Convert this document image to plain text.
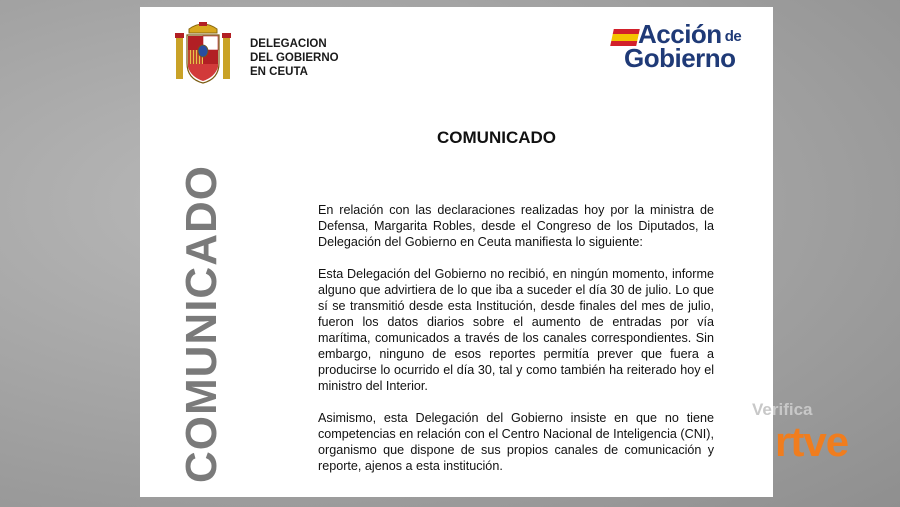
DELEGACION
DEL GOBIERNO
EN CEUTA
Acción de
Gobierno
COMUNICADO
COMUNICADO	En relación con las declaraciones realizadas hoy por la ministra de Defensa, Margarita Robles, desde el Congreso de los Diputados, la Delegación del Gobierno en Ceuta manifiesta lo siguiente:

Esta Delegación del Gobierno no recibió, en ningún momento, informe alguno que advirtiera de lo que iba a suceder el día 30 de julio. Lo que sí se transmitió desde esta Institución, desde finales del mes de julio, fueron los datos diarios sobre el aumento de entradas por vía marítima, comunicados a través de los canales correspondientes. Sin embargo, ninguno de esos reportes permitía prever que fuera a producirse lo ocurrido el día 30, tal y como también ha reiterado hoy el ministro del Interior.

Asimismo, esta Delegación del Gobierno insiste en que no tiene competencias en relación con el Centro Nacional de Inteligencia (CNI), organismo que dispone de sus propios canales de comunicación y reporte, ajenos a esta institución.

Verifica
rtve
